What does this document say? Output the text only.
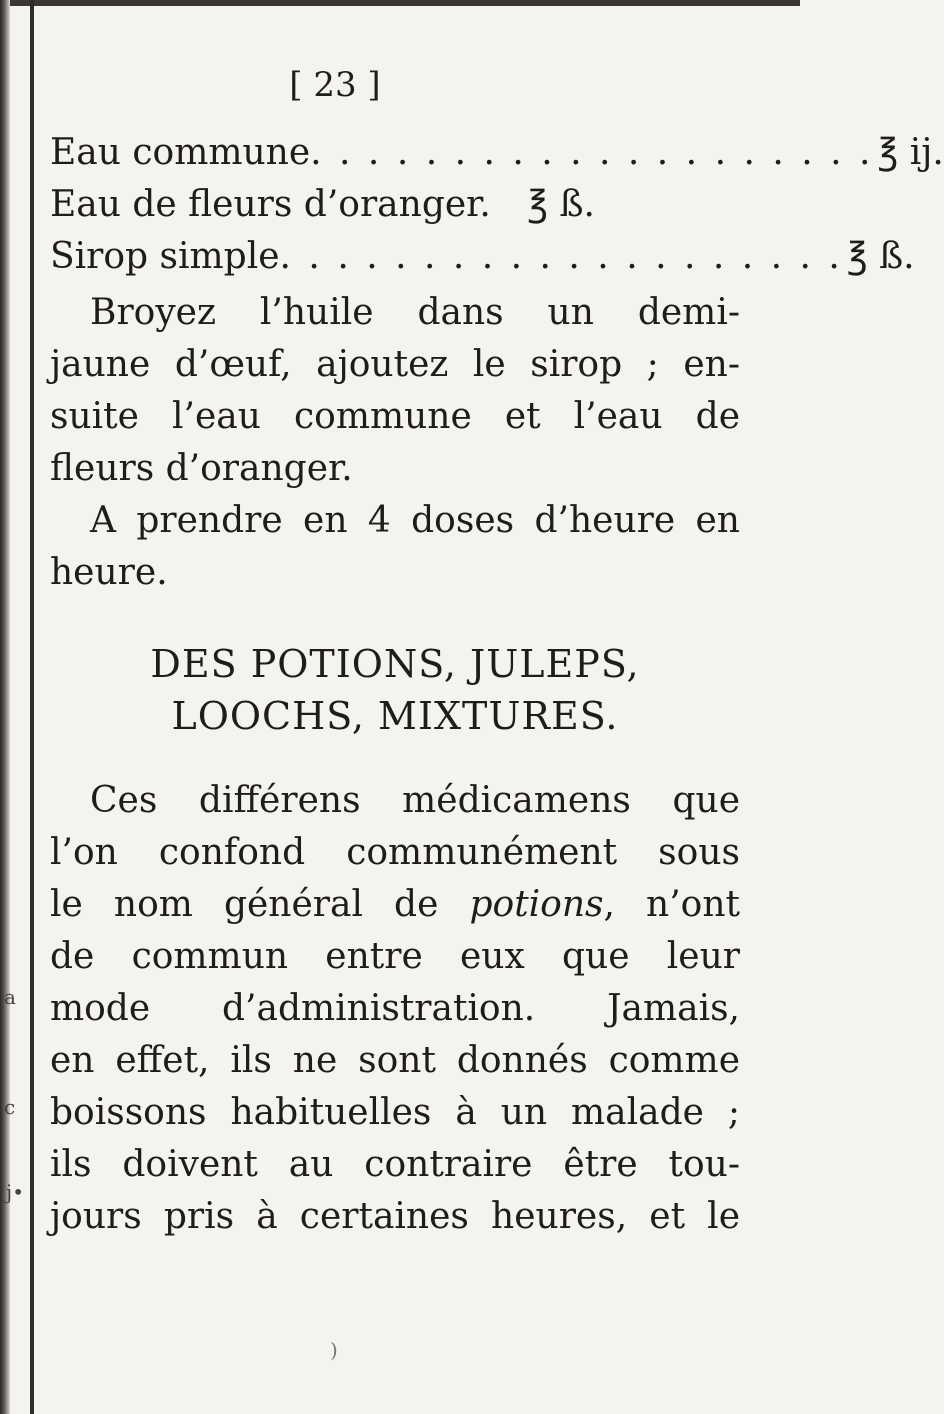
a
c
j•
[ 23 ]
Eau commune . . . . . . . . . . . . . . . . . . . . ℥ ij.
Eau de fleurs d’oranger.
℥ ß.
Sirop simple . . . . . . . . . . . . . . . . . . . . ℥ ß.
Broyez l’huile dans un demi-
jaune d’œuf, ajoutez le sirop ; en-
suite l’eau commune et l’eau de
fleurs d’oranger.
A prendre en 4 doses d’heure en
heure.
DES POTIONS, JULEPS,
LOOCHS, MIXTURES.
Ces différens médicamens que
l’on confond communément sous
le nom général de potions, n’ont
de commun entre eux que leur
mode d’administration. Jamais,
en effet, ils ne sont donnés comme
boissons habituelles à un malade ;
ils doivent au contraire être tou-
jours pris à certaines heures, et le
)
